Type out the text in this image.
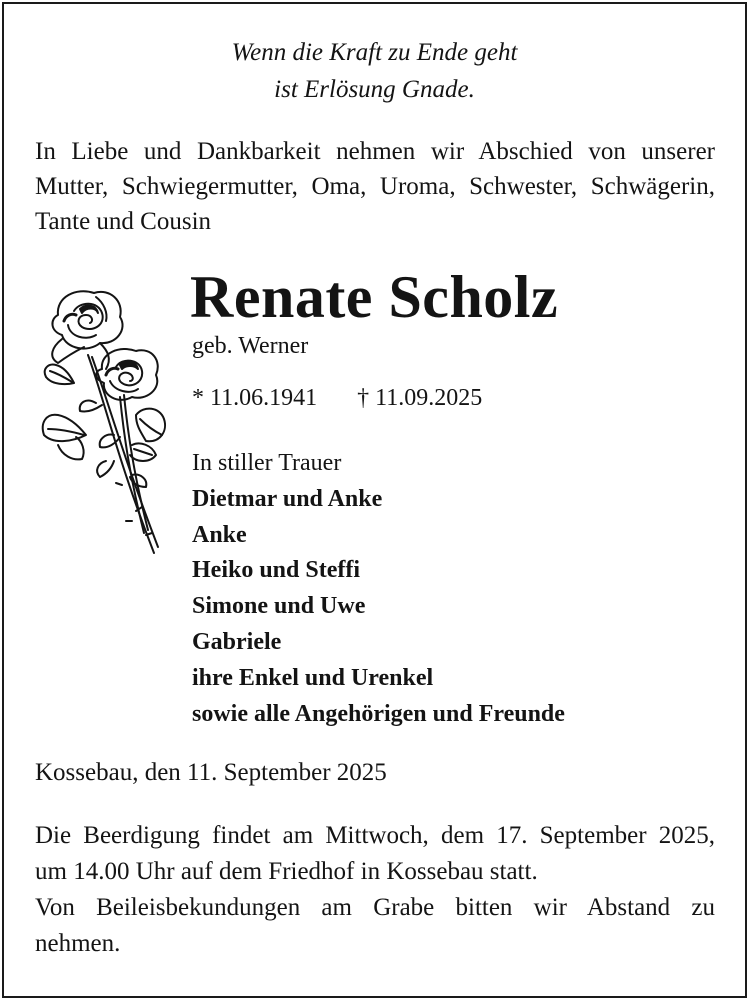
Wenn die Kraft zu Ende geht
ist Erlösung Gnade.
In Liebe und Dankbarkeit nehmen wir Abschied von unserer
Mutter, Schwiegermutter, Oma, Uroma, Schwester, Schwägerin,
Tante und Cousin
Renate Scholz
geb. Werner
* 11.06.1941 † 11.09.2025
In stiller Trauer
Dietmar und Anke
Anke
Heiko und Steffi
Simone und Uwe
Gabriele
ihre Enkel und Urenkel
sowie alle Angehörigen und Freunde
Kossebau, den 11. September 2025
Die Beerdigung findet am Mittwoch, dem 17. September 2025,
um 14.00 Uhr auf dem Friedhof in Kossebau statt.
Von Beileisbekundungen am Grabe bitten wir Abstand zu
nehmen.
